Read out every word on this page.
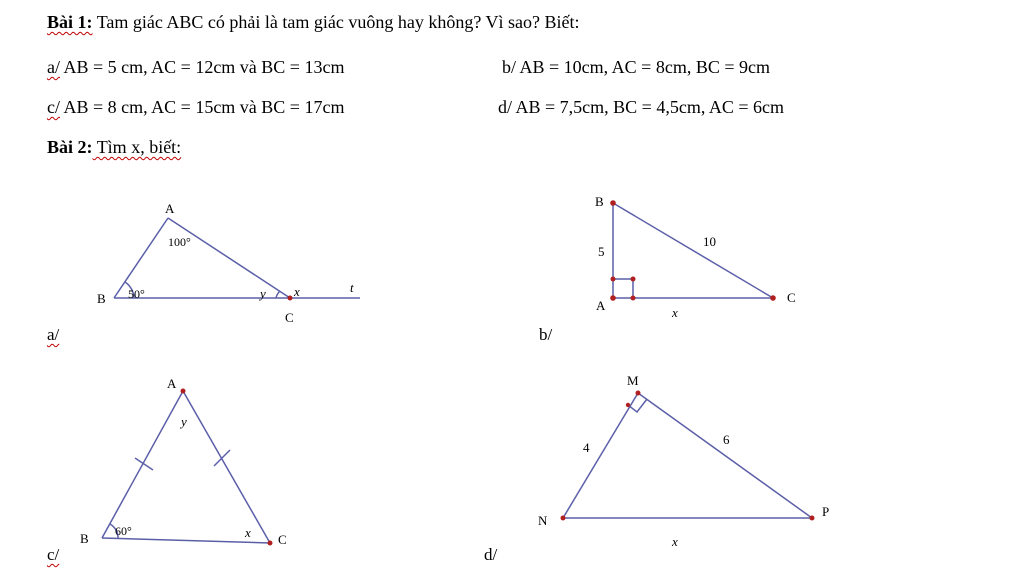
Bài 1: Tam giác ABC có phải là tam giác vuông hay không? Vì sao? Biết:
a/ AB = 5 cm, AC = 12cm và BC = 13cm	b/ AB = 10cm, AC = 8cm, BC = 9cm
c/ AB = 8 cm, AC = 15cm và BC = 17cm	d/ AB = 7,5cm, BC = 4,5cm, AC = 6cm
Bài 2: Tìm x, biết:
a/	b/
c/	d/
A
B
C
100°
50°	y x	t
B
A
C
5
10
x
A
B	C
60°
y
x
M
N
P
4
6
x
